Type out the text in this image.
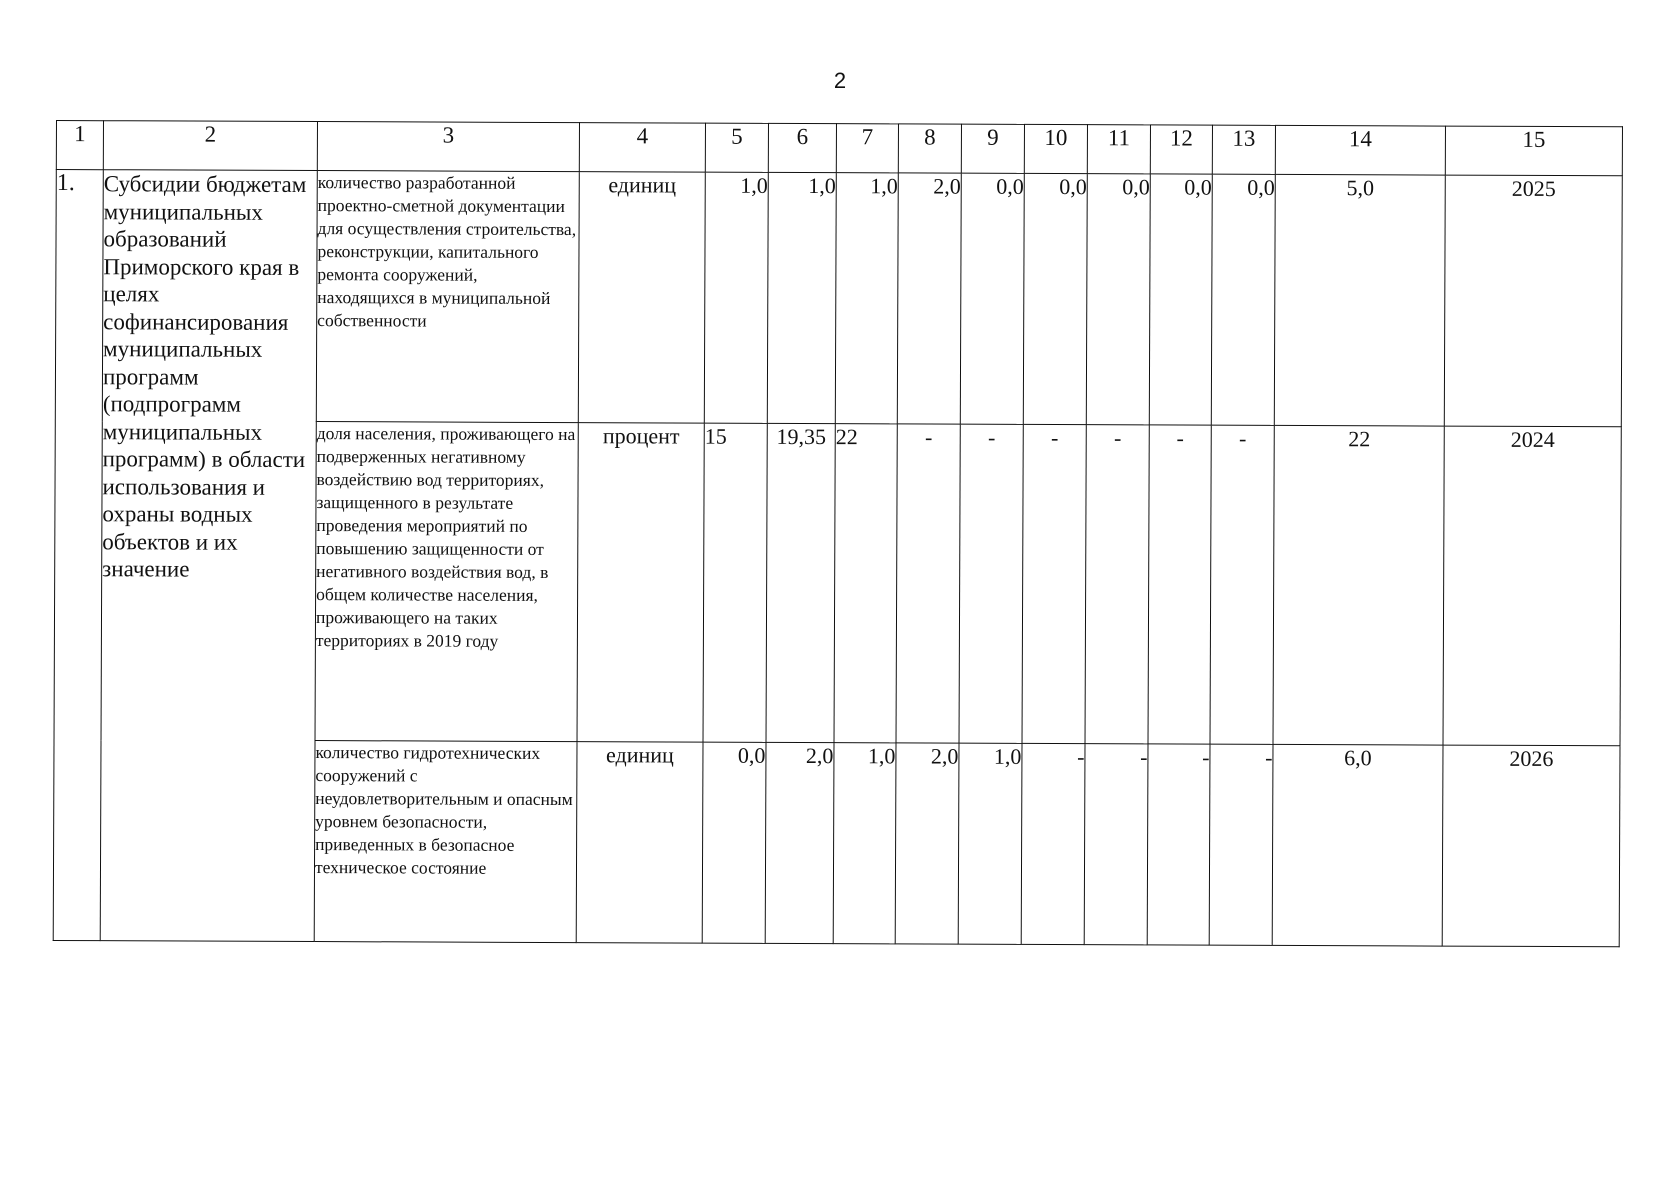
2
1	2	3	4	5	6	7	8	9	10	11	12	13	14	15
1.	Субсидии бюджетам муниципальных образований Приморского края в целях софинансирования муниципальных программ (подпрограмм муниципальных программ) в области использования и охраны водных объектов и их значение	количество разработанной проектно-сметной документации для осуществления строительства, реконструкции, капитального ремонта сооружений, находящихся в муниципальной собственности	единиц	1,0	1,0	1,0	2,0	0,0	0,0	0,0	0,0	0,0	5,0	2025
		доля населения, проживающего на подверженных негативному воздействию вод территориях, защищенного в результате проведения мероприятий по повышению защищенности от негативного воздействия вод, в общем количестве населения, проживающего на таких территориях в 2019 году	процент	15	19,35	22	-	-	-	-	-	-	22	2024
		количество гидротехнических сооружений с неудовлетворительным и опасным уровнем безопасности, приведенных в безопасное техническое состояние	единиц	0,0	2,0	1,0	2,0	1,0	-	-	-	-	6,0	2026
